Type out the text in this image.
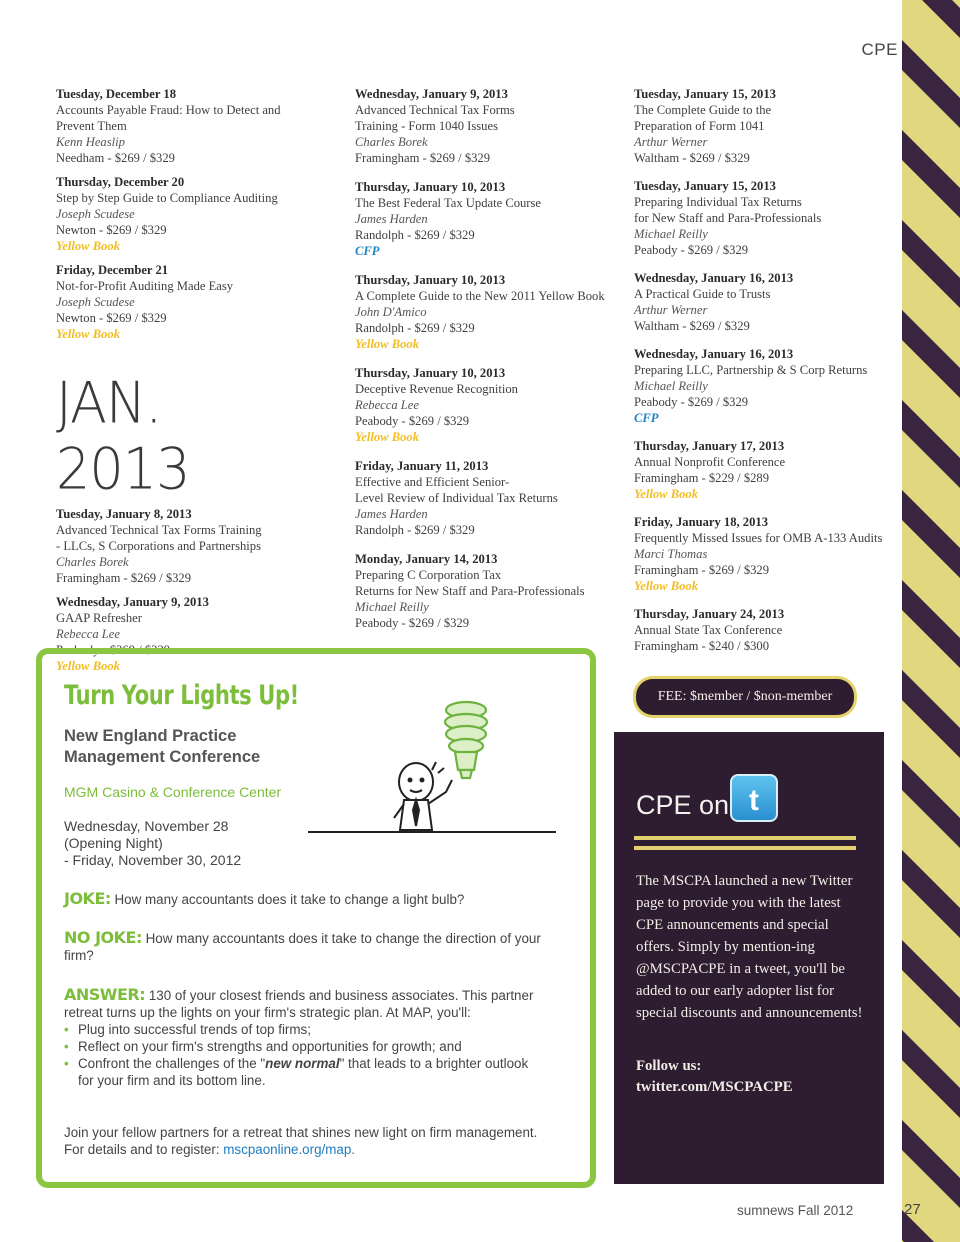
CPE
Tuesday, December 18
Accounts Payable Fraud: How to Detect and
Prevent Them
Kenn Heaslip
Needham - $269 / $329
Thursday, December 20
Step by Step Guide to Compliance Auditing
Joseph Scudese
Newton - $269 / $329
Yellow Book
Friday, December 21
Not-for-Profit Auditing Made Easy
Joseph Scudese
Newton - $269 / $329
Yellow Book
JAN. 2013
Tuesday, January 8, 2013
Advanced Technical Tax Forms Training
- LLCs, S Corporations and Partnerships
Charles Borek
Framingham - $269 / $329
Wednesday, January 9, 2013
GAAP Refresher
Rebecca Lee
Peabody - $269 / $329
Yellow Book
Wednesday, January 9, 2013
Advanced Technical Tax Forms
Training - Form 1040 Issues
Charles Borek
Framingham - $269 / $329
Thursday, January 10, 2013
The Best Federal Tax Update Course
James Harden
Randolph - $269 / $329
CFP
Thursday, January 10, 2013
A Complete Guide to the New 2011 Yellow Book
John D'Amico
Randolph - $269 / $329
Yellow Book
Thursday, January 10, 2013
Deceptive Revenue Recognition
Rebecca Lee
Peabody - $269 / $329
Yellow Book
Friday, January 11, 2013
Effective and Efficient Senior-
Level Review of Individual Tax Returns
James Harden
Randolph - $269 / $329
Monday, January 14, 2013
Preparing C Corporation Tax
Returns for New Staff and Para-Professionals
Michael Reilly
Peabody - $269 / $329
Tuesday, January 15, 2013
The Complete Guide to the
Preparation of Form 1041
Arthur Werner
Waltham - $269 / $329
Tuesday, January 15, 2013
Preparing Individual Tax Returns
for New Staff and Para-Professionals
Michael Reilly
Peabody - $269 / $329
Wednesday, January 16, 2013
A Practical Guide to Trusts
Arthur Werner
Waltham - $269 / $329
Wednesday, January 16, 2013
Preparing LLC, Partnership & S Corp Returns
Michael Reilly
Peabody - $269 / $329
CFP
Thursday, January 17, 2013
Annual Nonprofit Conference
Framingham - $229 / $289
Yellow Book
Friday, January 18, 2013
Frequently Missed Issues for OMB A-133 Audits
Marci Thomas
Framingham - $269 / $329
Yellow Book
Thursday, January 24, 2013
Annual State Tax Conference
Framingham - $240 / $300
Turn Your Lights Up!
New England Practice
Management Conference
MGM Casino & Conference Center
Wednesday, November 28
(Opening Night)
- Friday, November 30, 2012
JOKE: How many accountants does it take to change a light bulb?
NO JOKE: How many accountants does it take to change the direction of your firm?
ANSWER: 130 of your closest friends and business associates. This partner retreat turns up the lights on your firm's strategic plan. At MAP, you'll:
• Plug into successful trends of top firms;
• Reflect on your firm's strengths and opportunities for growth; and
• Confront the challenges of the "new normal" that leads to a brighter outlook for your firm and its bottom line.
Join your fellow partners for a retreat that shines new light on firm management. For details and to register: mscpaonline.org/map.
FEE: $member / $non-member
CPE on t
The MSCPA launched a new Twitter page to provide you with the latest CPE announcements and special offers. Simply by mention-ing @MSCPACPE in a tweet, you'll be added to our early adopter list for special discounts and announcements!
Follow us:
twitter.com/MSCPACPE
sumnews Fall 2012	27
